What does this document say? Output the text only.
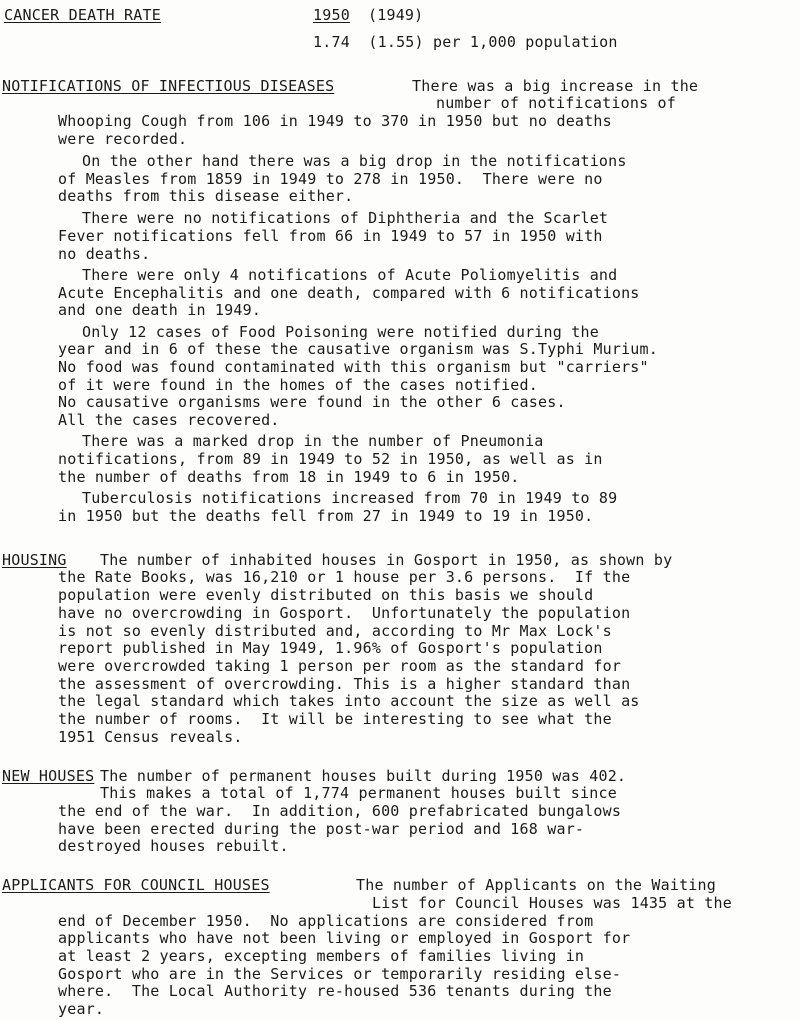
CANCER DEATH RATE	1950 (1949)
1.74  (1.55) per 1,000 population
NOTIFICATIONS OF INFECTIOUS DISEASES	There was a big increase in the
number of notifications of
Whooping Cough from 106 in 1949 to 370 in 1950 but no deaths
were recorded.
On the other hand there was a big drop in the notifications
of Measles from 1859 in 1949 to 278 in 1950.  There were no
deaths from this disease either.
There were no notifications of Diphtheria and the Scarlet
Fever notifications fell from 66 in 1949 to 57 in 1950 with
no deaths.
There were only 4 notifications of Acute Poliomyelitis and
Acute Encephalitis and one death, compared with 6 notifications
and one death in 1949.
Only 12 cases of Food Poisoning were notified during the
year and in 6 of these the causative organism was S.Typhi Murium.
No food was found contaminated with this organism but "carriers"
of it were found in the homes of the cases notified.
No causative organisms were found in the other 6 cases.
All the cases recovered.
There was a marked drop in the number of Pneumonia
notifications, from 89 in 1949 to 52 in 1950, as well as in
the number of deaths from 18 in 1949 to 6 in 1950.
Tuberculosis notifications increased from 70 in 1949 to 89
in 1950 but the deaths fell from 27 in 1949 to 19 in 1950.
HOUSING The number of inhabited houses in Gosport in 1950, as shown by
the Rate Books, was 16,210 or 1 house per 3.6 persons.  If the
population were evenly distributed on this basis we should
have no overcrowding in Gosport.  Unfortunately the population
is not so evenly distributed and, according to Mr Max Lock's
report published in May 1949, 1.96% of Gosport's population
were overcrowded taking 1 person per room as the standard for
the assessment of overcrowding. This is a higher standard than
the legal standard which takes into account the size as well as
the number of rooms.  It will be interesting to see what the
1951 Census reveals.
NEW HOUSES The number of permanent houses built during 1950 was 402.
This makes a total of 1,774 permanent houses built since
the end of the war.  In addition, 600 prefabricated bungalows
have been erected during the post-war period and 168 war-
destroyed houses rebuilt.
APPLICANTS FOR COUNCIL HOUSES	The number of Applicants on the Waiting
List for Council Houses was 1435 at the
end of December 1950.  No applications are considered from
applicants who have not been living or employed in Gosport for
at least 2 years, excepting members of families living in
Gosport who are in the Services or temporarily residing else-
where.  The Local Authority re-housed 536 tenants during the
year.
